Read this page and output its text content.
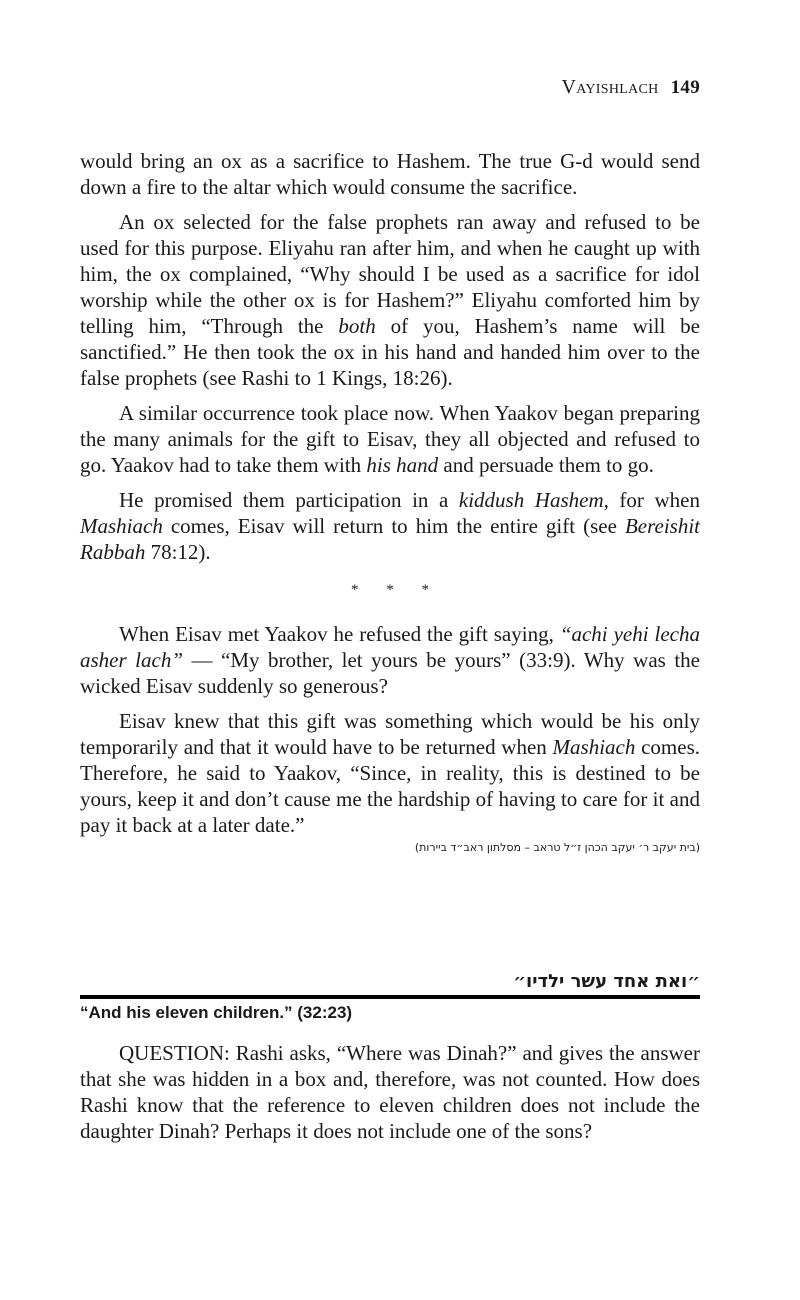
Vayishlach 149

would bring an ox as a sacrifice to Hashem. The true G-d would send down a fire to the altar which would consume the sacrifice.

An ox selected for the false prophets ran away and refused to be used for this purpose. Eliyahu ran after him, and when he caught up with him, the ox complained, “Why should I be used as a sacrifice for idol worship while the other ox is for Hashem?” Eliyahu comforted him by telling him, “Through the both of you, Hashem’s name will be sanctified.” He then took the ox in his hand and handed him over to the false prophets (see Rashi to 1 Kings, 18:26).

A similar occurrence took place now. When Yaakov began preparing the many animals for the gift to Eisav, they all objected and refused to go. Yaakov had to take them with his hand and persuade them to go.

He promised them participation in a kiddush Hashem, for when Mashiach comes, Eisav will return to him the entire gift (see Bereishit Rabbah 78:12).

* * *

When Eisav met Yaakov he refused the gift saying, “achi yehi lecha asher lach” — “My brother, let yours be yours” (33:9). Why was the wicked Eisav suddenly so generous?

Eisav knew that this gift was something which would be his only temporarily and that it would have to be returned when Mashiach comes. Therefore, he said to Yaakov, “Since, in reality, this is destined to be yours, keep it and don’t cause me the hardship of having to care for it and pay it back at a later date.”

(בית יעקב ר׳ יעקב הכהן ז״ל טראב – מסלתון ראב״ד ביירות)
״ואת אחד עשר ילדיו״
“And his eleven children.” (32:23)

QUESTION: Rashi asks, “Where was Dinah?” and gives the answer that she was hidden in a box and, therefore, was not counted. How does Rashi know that the reference to eleven children does not include the daughter Dinah? Perhaps it does not include one of the sons?
